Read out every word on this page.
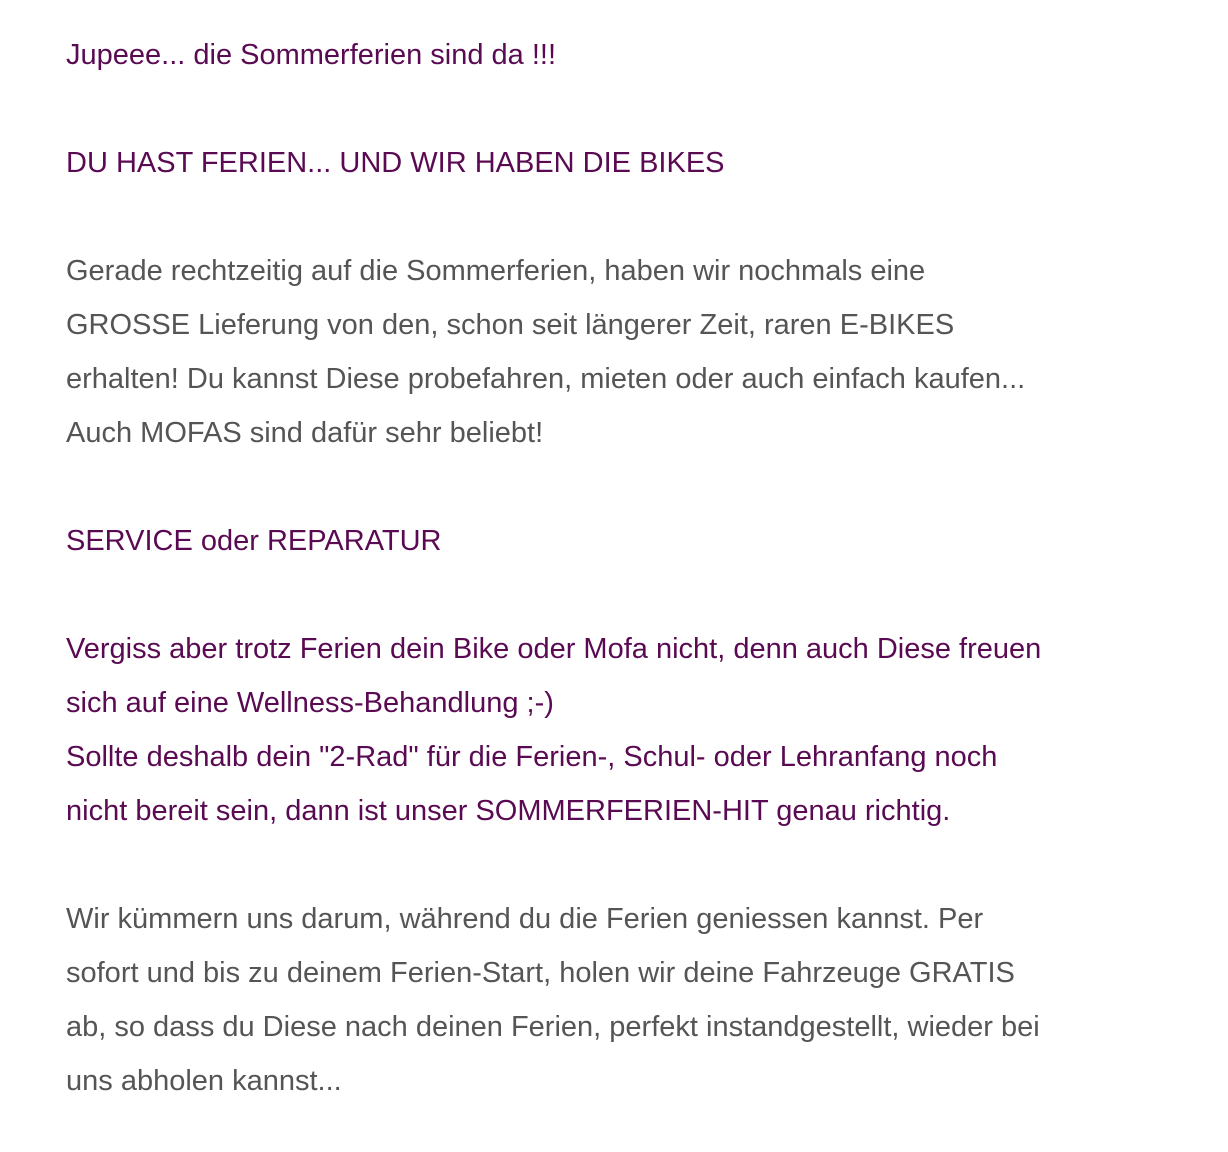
Jupeee... die Sommerferien sind da !!!

DU HAST FERIEN... UND WIR HABEN DIE BIKES

Gerade rechtzeitig auf die Sommerferien, haben wir nochmals eine

GROSSE Lieferung von den, schon seit längerer Zeit, raren E-BIKES

erhalten! Du kannst Diese probefahren, mieten oder auch einfach kaufen...

Auch MOFAS sind dafür sehr beliebt!

SERVICE oder REPARATUR

Vergiss aber trotz Ferien dein Bike oder Mofa nicht, denn auch Diese freuen

sich auf eine Wellness-Behandlung ;-)

Sollte deshalb dein "2-Rad" für die Ferien-, Schul- oder Lehranfang noch

nicht bereit sein, dann ist unser SOMMERFERIEN-HIT genau richtig.

Wir kümmern uns darum, während du die Ferien geniessen kannst. Per

sofort und bis zu deinem Ferien-Start, holen wir deine Fahrzeuge GRATIS

ab, so dass du Diese nach deinen Ferien, perfekt instandgestellt, wieder bei

uns abholen kannst...
